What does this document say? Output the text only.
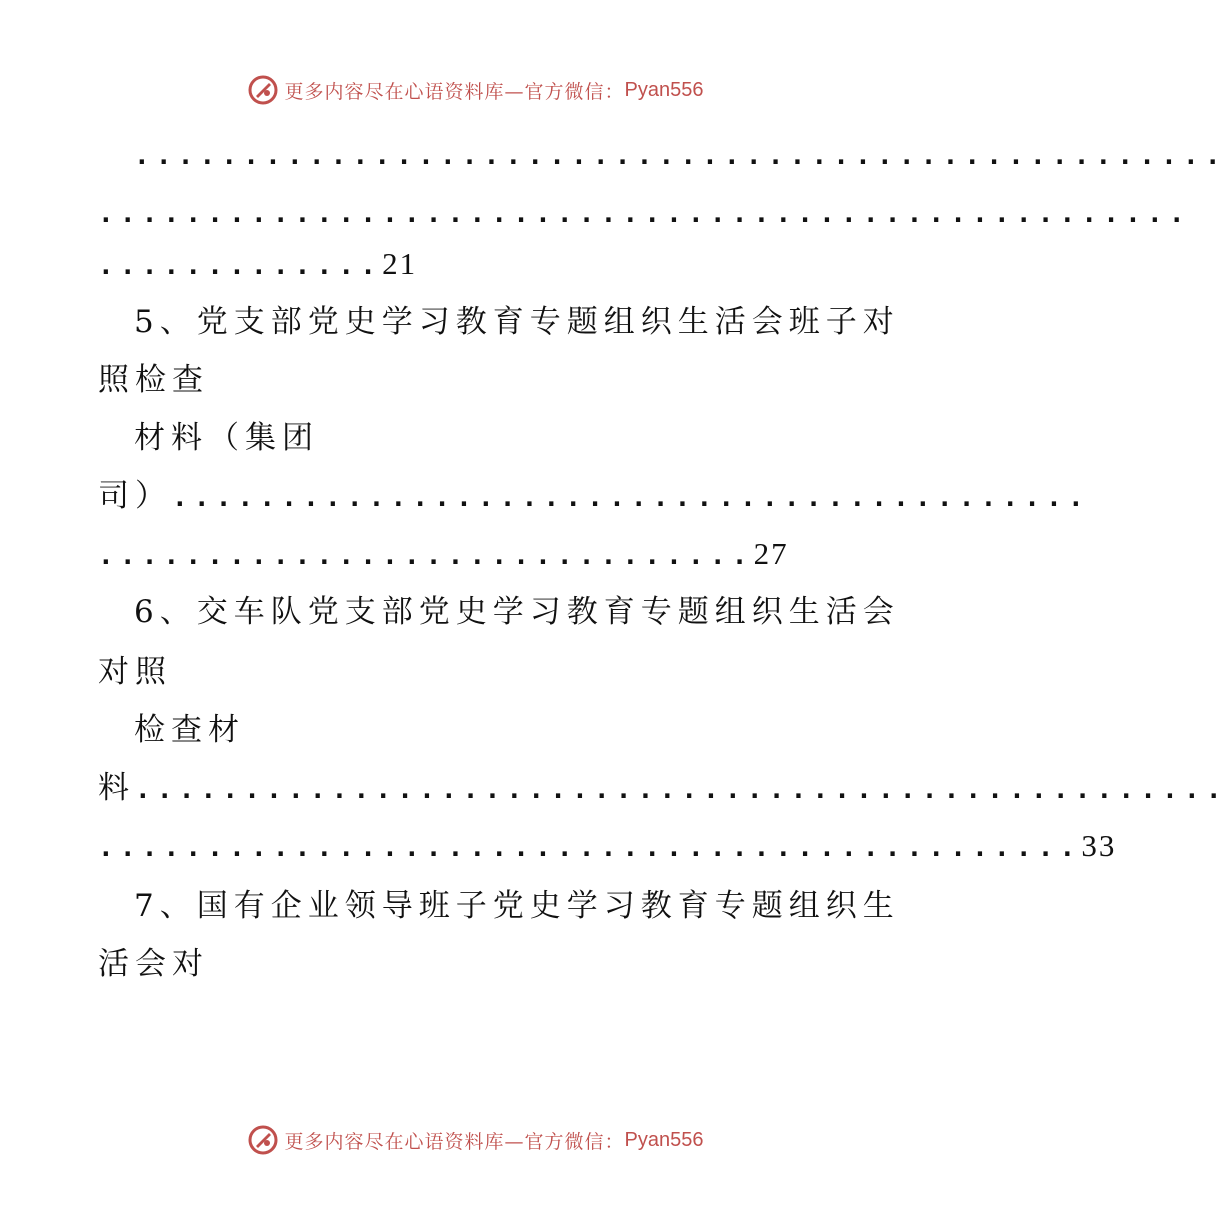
更多内容尽在心语资料库—官方微信： Pyan556
..................................................
..................................................
.............21
5、党支部党史学习教育专题组织生活会班子对
照检查
材料（集团
司）..........................................
..............................27
6、交车队党支部党史学习教育专题组织生活会
对照
检查材
料..................................................
.............................................33
7、国有企业领导班子党史学习教育专题组织生
活会对
更多内容尽在心语资料库—官方微信： Pyan556
